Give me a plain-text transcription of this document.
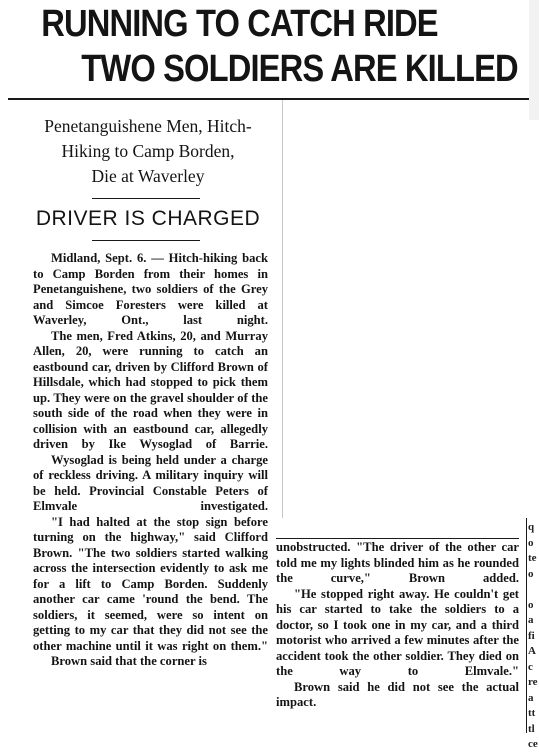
RUNNING TO CATCH RIDE
TWO SOLDIERS ARE KILLED
Penetanguishene Men, Hitch-
Hiking to Camp Borden,
Die at Waverley
DRIVER IS CHARGED

Midland, Sept. 6. — Hitch-hiking back to Camp Borden from their homes in Penetanguishene, two soldiers of the Grey and Simcoe Foresters were killed at Waverley, Ont., last night.

The men, Fred Atkins, 20, and Murray Allen, 20, were running to catch an eastbound car, driven by Clifford Brown of Hillsdale, which had stopped to pick them up. They were on the gravel shoulder of the south side of the road when they were in collision with an eastbound car, allegedly driven by Ike Wysoglad of Barrie.

Wysoglad is being held under a charge of reckless driving. A military inquiry will be held. Provincial Constable Peters of Elmvale investigated.

"I had halted at the stop sign before turning on the highway," said Clifford Brown. "The two soldiers started walking across the intersection evidently to ask me for a lift to Camp Borden. Suddenly another car came 'round the bend. The soldiers, it seemed, were so intent on getting to my car that they did not see the other machine until it was right on them."

Brown said that the corner is

unobstructed. "The driver of the other car told me my lights blinded him as he rounded the curve," Brown added.

"He stopped right away. He couldn't get his car started to take the soldiers to a doctor, so I took one in my car, and a third motorist who arrived a few minutes after the accident took the other soldier. They died on the way to Elmvale."

Brown said he did not see the actual impact.

q
o
te
o

o
a
fi
A
c
re
a
tt
tl
ce
